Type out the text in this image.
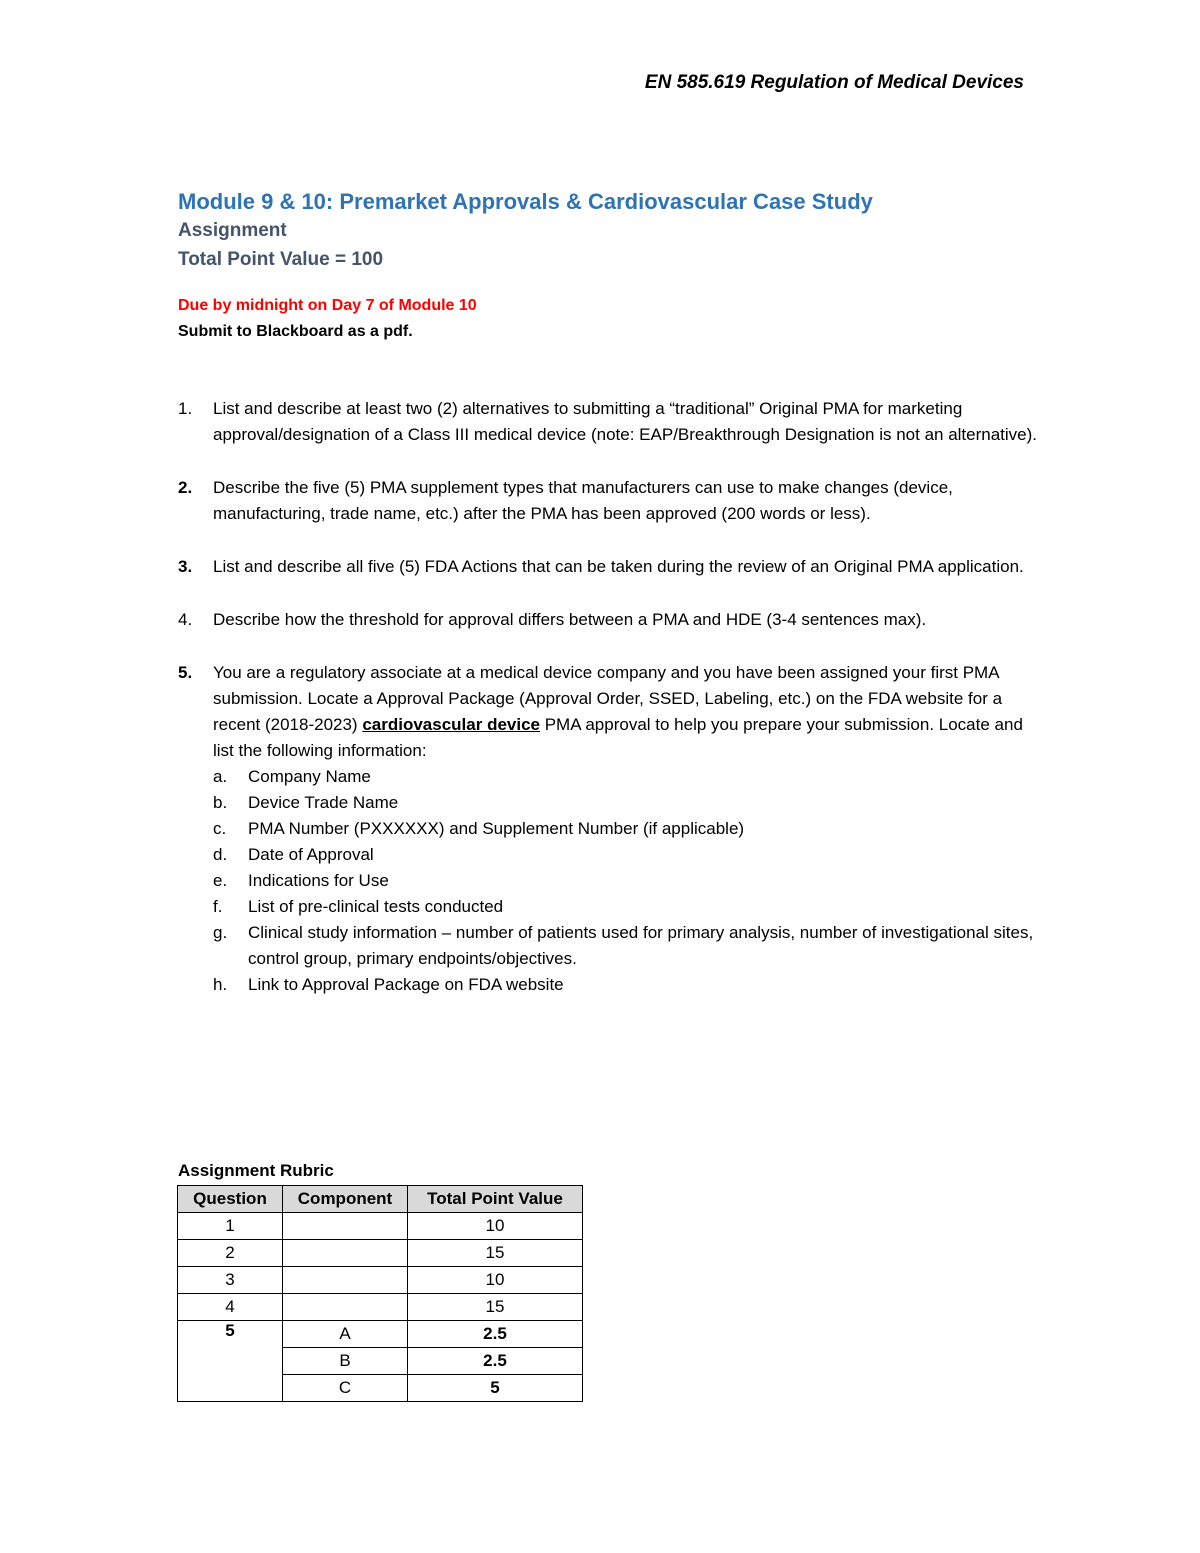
EN 585.619 Regulation of Medical Devices
Module 9 & 10: Premarket Approvals & Cardiovascular Case Study
Assignment
Total Point Value = 100
Due by midnight on Day 7 of Module 10
Submit to Blackboard as a pdf.
1. List and describe at least two (2) alternatives to submitting a “traditional” Original PMA for marketing approval/designation of a Class III medical device (note: EAP/Breakthrough Designation is not an alternative).
2. Describe the five (5) PMA supplement types that manufacturers can use to make changes (device, manufacturing, trade name, etc.) after the PMA has been approved (200 words or less).
3. List and describe all five (5) FDA Actions that can be taken during the review of an Original PMA application.
4. Describe how the threshold for approval differs between a PMA and HDE (3-4 sentences max).
5. You are a regulatory associate at a medical device company and you have been assigned your first PMA submission. Locate a Approval Package (Approval Order, SSED, Labeling, etc.) on the FDA website for a recent (2018-2023) cardiovascular device PMA approval to help you prepare your submission. Locate and list the following information:
a. Company Name
b. Device Trade Name
c. PMA Number (PXXXXXX) and Supplement Number (if applicable)
d. Date of Approval
e. Indications for Use
f. List of pre-clinical tests conducted
g. Clinical study information – number of patients used for primary analysis, number of investigational sites, control group, primary endpoints/objectives.
h. Link to Approval Package on FDA website
Assignment Rubric
Question	Component	Total Point Value
1		10
2		15
3		10
4		15
5	A	2.5
	B	2.5
	C	5
